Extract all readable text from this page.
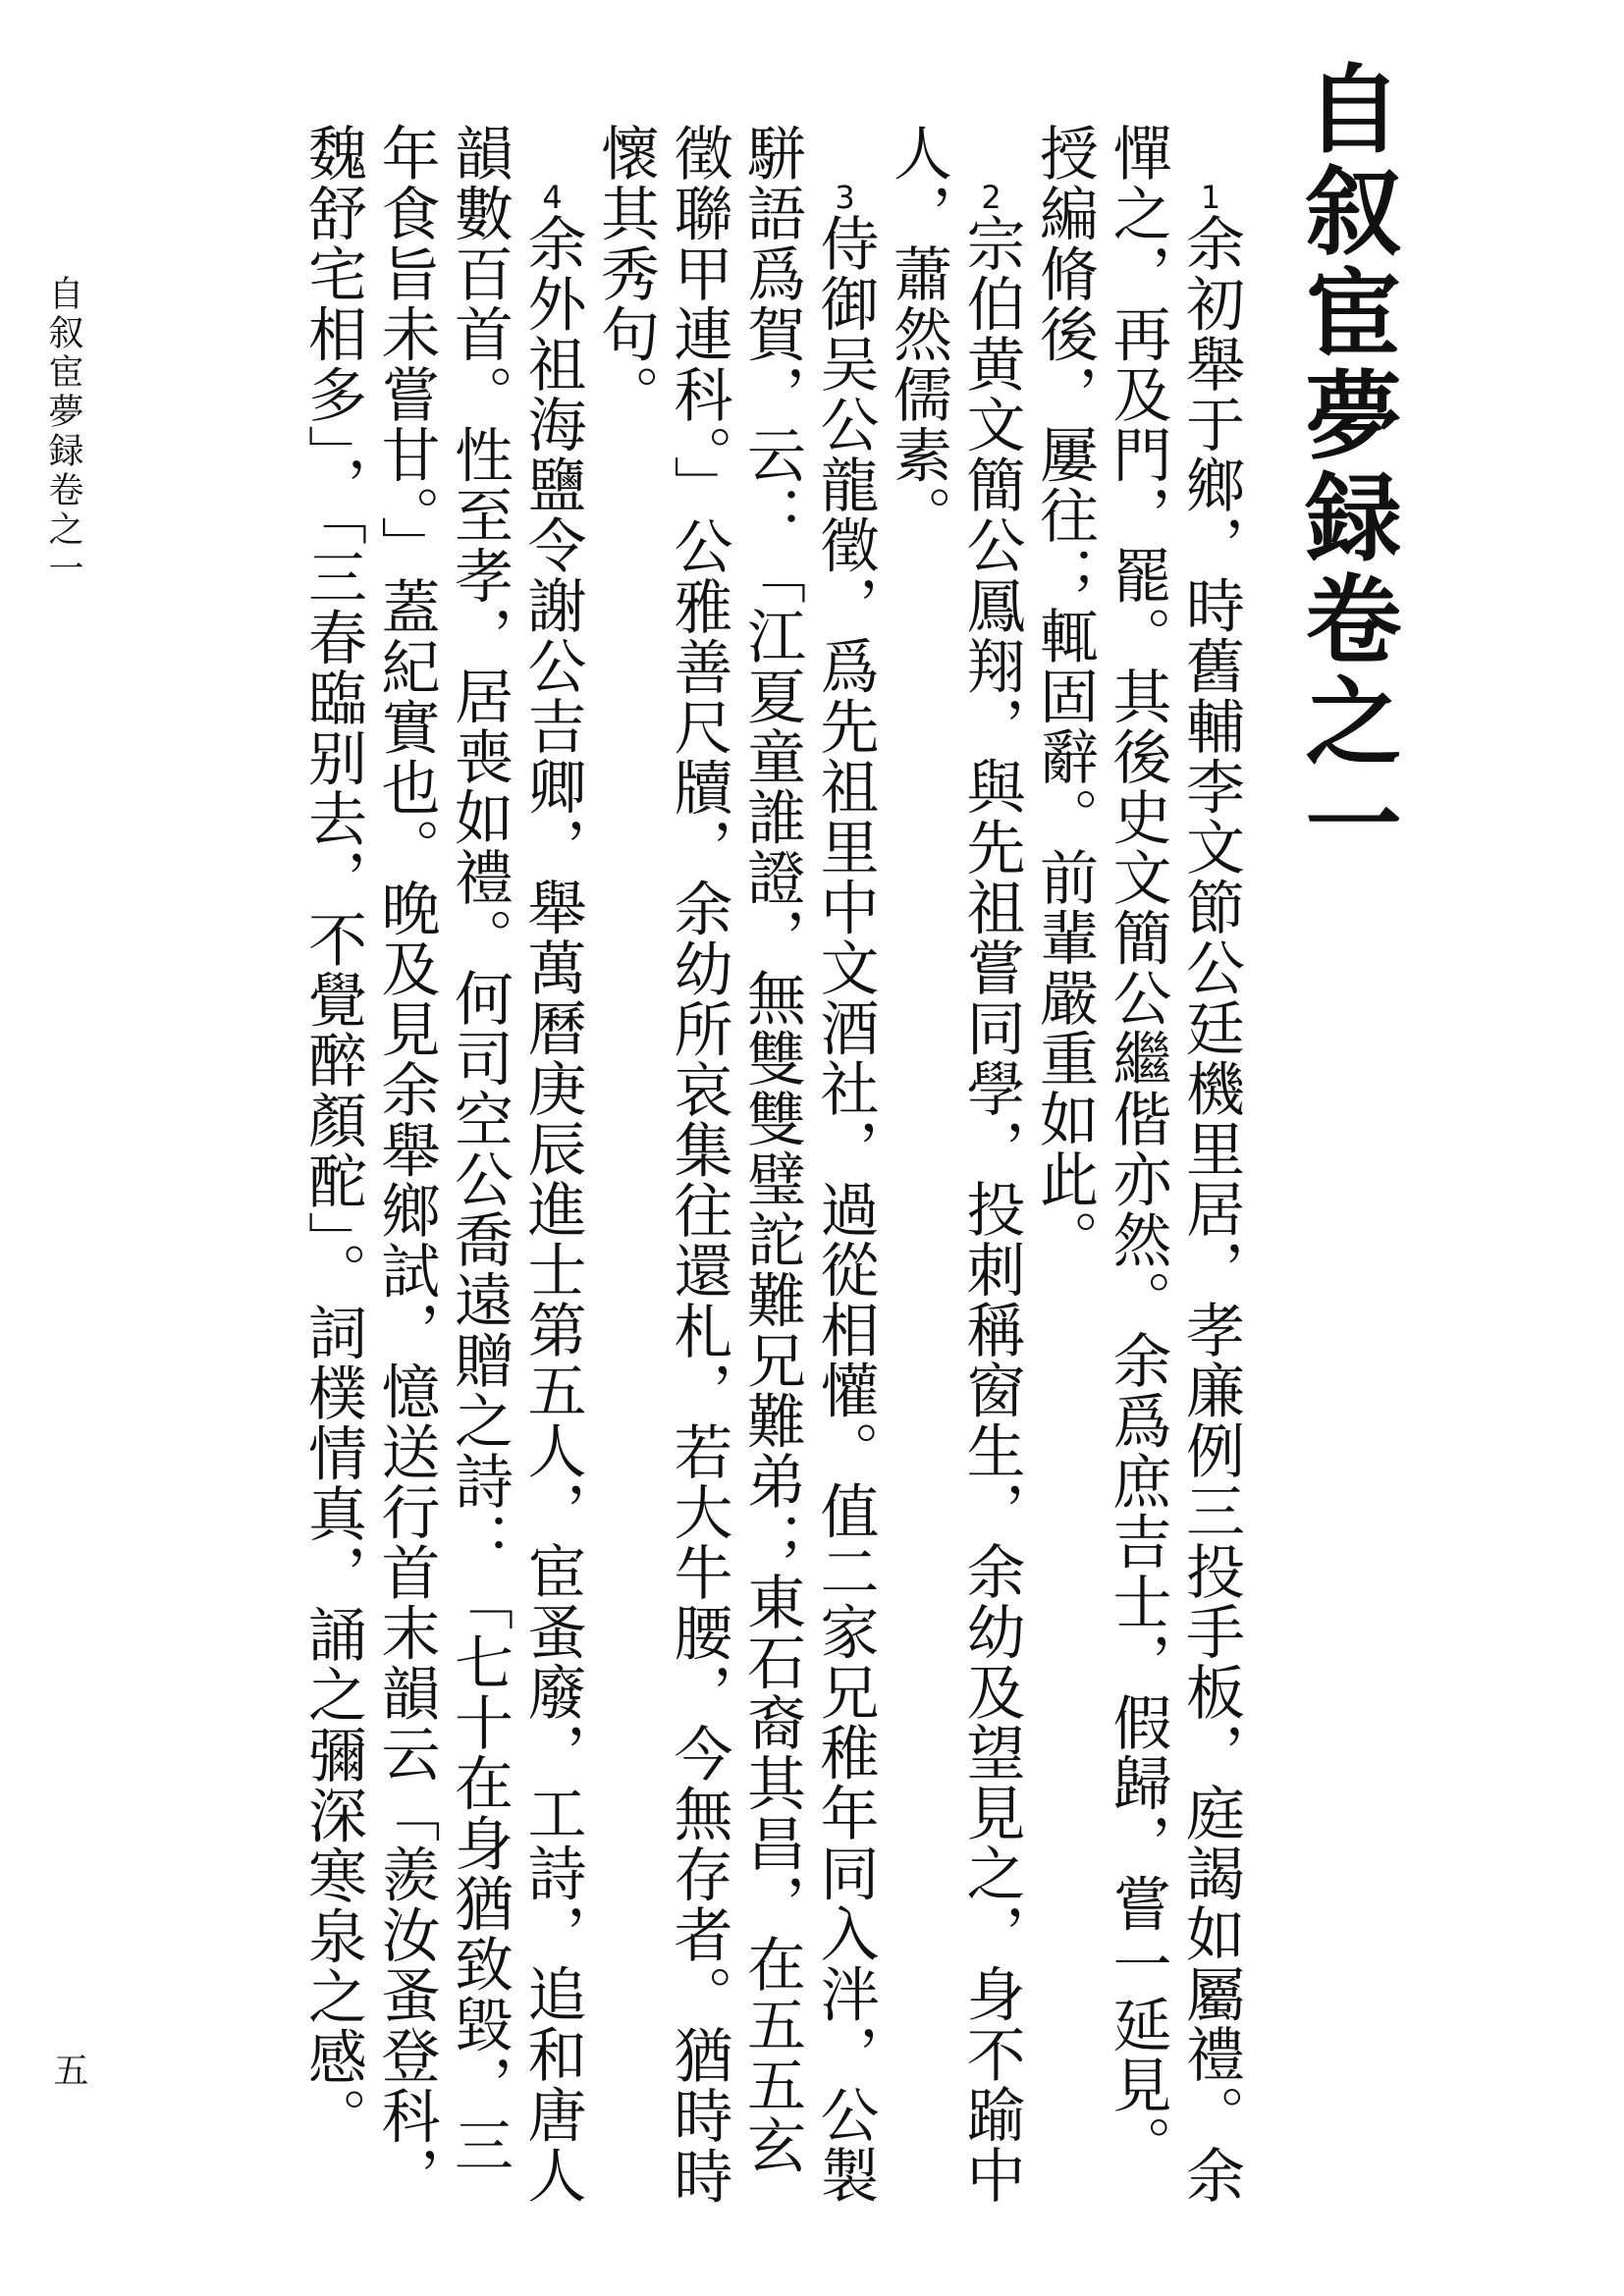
自叙宦夢録卷之一

1余初舉于鄉，時舊輔李文節公廷機里居，孝廉例三投手板，庭謁如屬禮。余憚之，再及門，罷。其後史文簡公繼偕亦然。余爲庶吉士，假歸，嘗一延見。授編脩後，屢往；輒固辭。前輩嚴重如此。

2宗伯黄文簡公鳳翔，與先祖嘗同學，投刺稱窗生，余幼及望見之，身不踰中人，蕭然儒素。

3侍御吴公龍徵，爲先祖里中文酒社，過從相懽。值二家兄稚年同入泮，公製駢語爲賀，云：「江夏童誰證，無雙雙璧詑難兄難弟；東石裔其昌，在五五玄徵聯甲連科。」公雅善尺牘，余幼所哀集往還札，若大牛腰，今無存者。猶時時懷其秀句。

4余外祖海鹽令謝公吉卿，舉萬曆庚辰進士第五人，宦蚤廢，工詩，追和唐人韻數百首。性至孝，居喪如禮。何司空公喬遠贈之詩：「七十在身猶致毀，三年食旨未嘗甘。」蓋紀實也。晚及見余舉鄉試，憶送行首末韻云「羨汝蚤登科，魏舒宅相多」，「三春臨别去，不覺醉顏酡」。詞樸情真，誦之彌深寒泉之感。

自叙宦夢録卷之一
五
